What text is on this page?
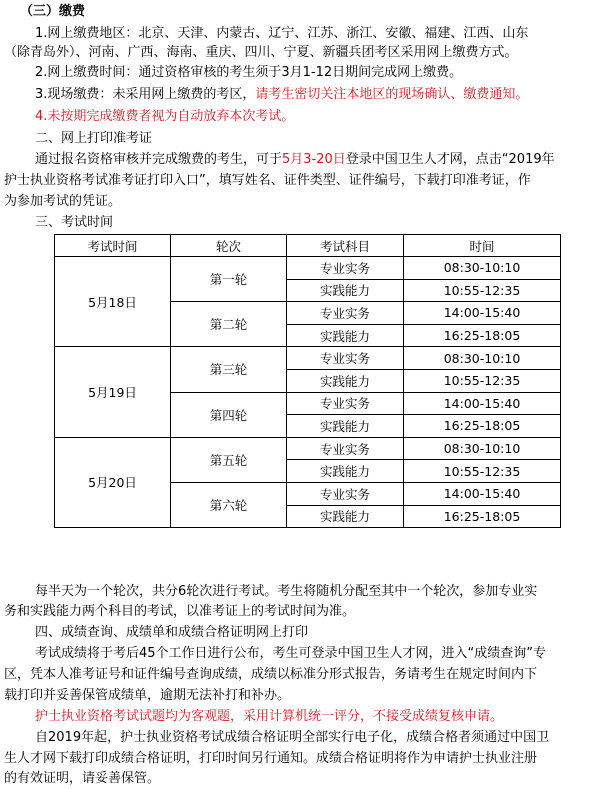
（三）缴费
1.网上缴费地区：北京、天津、内蒙古、辽宁、江苏、浙江、安徽、福建、江西、山东
（除青岛外）、河南、广西、海南、重庆、四川、宁夏、新疆兵团考区采用网上缴费方式。
2.网上缴费时间：通过资格审核的考生须于3月1-12日期间完成网上缴费。
3.现场缴费：未采用网上缴费的考区，请考生密切关注本地区的现场确认、缴费通知。
4.未按期完成缴费者视为自动放弃本次考试。
二、网上打印准考证
通过报名资格审核并完成缴费的考生，可于5月3-20日登录中国卫生人才网，点击“2019年
护士执业资格考试准考证打印入口”，填写姓名、证件类型、证件编号，下载打印准考证，作
为参加考试的凭证。
三、考试时间
考试时间	轮次	考试科目	时间
5月18日	第一轮	专业实务	08:30-10:10
		实践能力	10:55-12:35
	第二轮	专业实务	14:00-15:40
		实践能力	16:25-18:05
5月19日	第三轮	专业实务	08:30-10:10
		实践能力	10:55-12:35
	第四轮	专业实务	14:00-15:40
		实践能力	16:25-18:05
5月20日	第五轮	专业实务	08:30-10:10
		实践能力	10:55-12:35
	第六轮	专业实务	14:00-15:40
		实践能力	16:25-18:05
每半天为一个轮次，共分6轮次进行考试。考生将随机分配至其中一个轮次，参加专业实
务和实践能力两个科目的考试，以准考证上的考试时间为准。
四、成绩查询、成绩单和成绩合格证明网上打印
考试成绩将于考后45个工作日进行公布，考生可登录中国卫生人才网，进入“成绩查询”专
区，凭本人准考证号和证件编号查询成绩，成绩以标准分形式报告，务请考生在规定时间内下
载打印并妥善保管成绩单，逾期无法补打和补办。
护士执业资格考试试题均为客观题，采用计算机统一评分，不接受成绩复核申请。
自2019年起，护士执业资格考试成绩合格证明全部实行电子化，成绩合格者须通过中国卫
生人才网下载打印成绩合格证明，打印时间另行通知。成绩合格证明将作为申请护士执业注册
的有效证明，请妥善保管。
